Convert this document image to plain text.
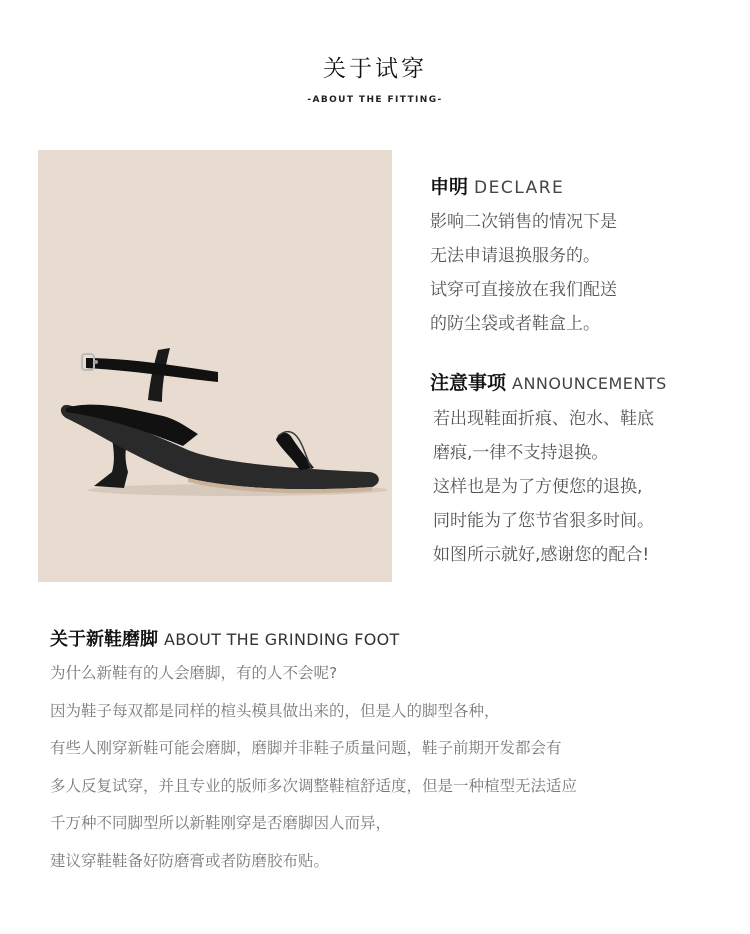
关于试穿
-ABOUT THE FITTING-
申明 DECLARE
影响二次销售的情况下是
无法申请退换服务的。
试穿可直接放在我们配送
的防尘袋或者鞋盒上。
注意事项 ANNOUNCEMENTS
若出现鞋面折痕、泡水、鞋底
磨痕,一律不支持退换。
这样也是为了方便您的退换,
同时能为了您节省狠多时间。
如图所示就好,感谢您的配合!
关于新鞋磨脚 ABOUT THE GRINDING FOOT
为什么新鞋有的人会磨脚，有的人不会呢?
因为鞋子每双都是同样的楦头模具做出来的，但是人的脚型各种，
有些人刚穿新鞋可能会磨脚，磨脚并非鞋子质量问题，鞋子前期开发都会有
多人反复试穿，并且专业的版师多次调整鞋楦舒适度，但是一种楦型无法适应
千万种不同脚型所以新鞋刚穿是否磨脚因人而异，
建议穿鞋鞋备好防磨膏或者防磨胶布贴。
